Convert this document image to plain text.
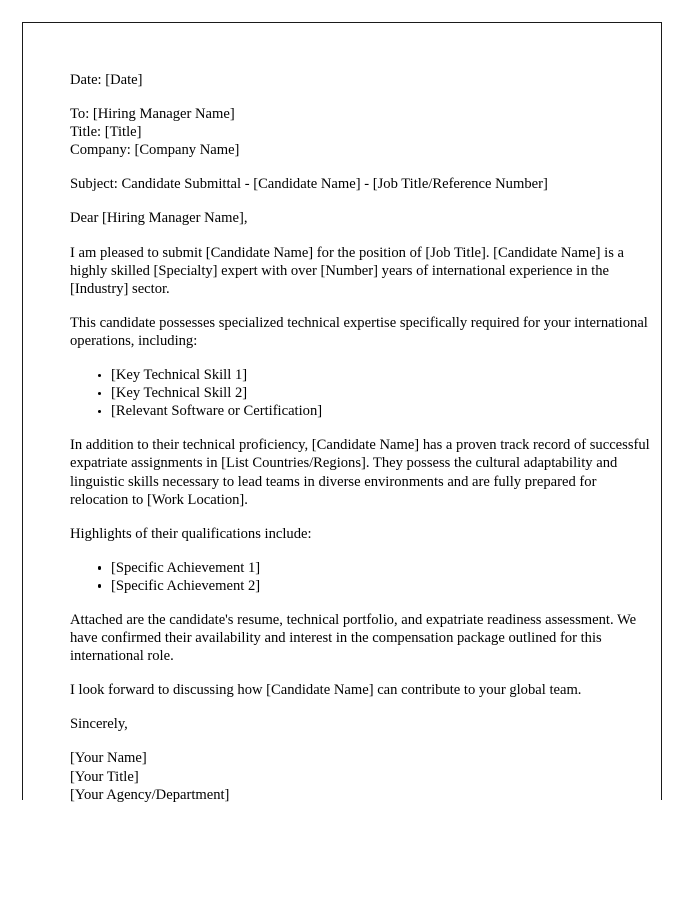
Date: [Date]
To: [Hiring Manager Name]
Title: [Title]
Company: [Company Name]
Subject: Candidate Submittal - [Candidate Name] - [Job Title/Reference Number]
Dear [Hiring Manager Name],

I am pleased to submit [Candidate Name] for the position of [Job Title]. [Candidate Name] is a highly skilled [Specialty] expert with over [Number] years of international experience in the [Industry] sector.

This candidate possesses specialized technical expertise specifically required for your international operations, including:

[Key Technical Skill 1]
[Key Technical Skill 2]
[Relevant Software or Certification]

In addition to their technical proficiency, [Candidate Name] has a proven track record of successful expatriate assignments in [List Countries/Regions]. They possess the cultural adaptability and linguistic skills necessary to lead teams in diverse environments and are fully prepared for relocation to [Work Location].

Highlights of their qualifications include:

[Specific Achievement 1]
[Specific Achievement 2]

Attached are the candidate's resume, technical portfolio, and expatriate readiness assessment. We have confirmed their availability and interest in the compensation package outlined for this international role.

I look forward to discussing how [Candidate Name] can contribute to your global team.

Sincerely,
[Your Name]
[Your Title]
[Your Agency/Department]
